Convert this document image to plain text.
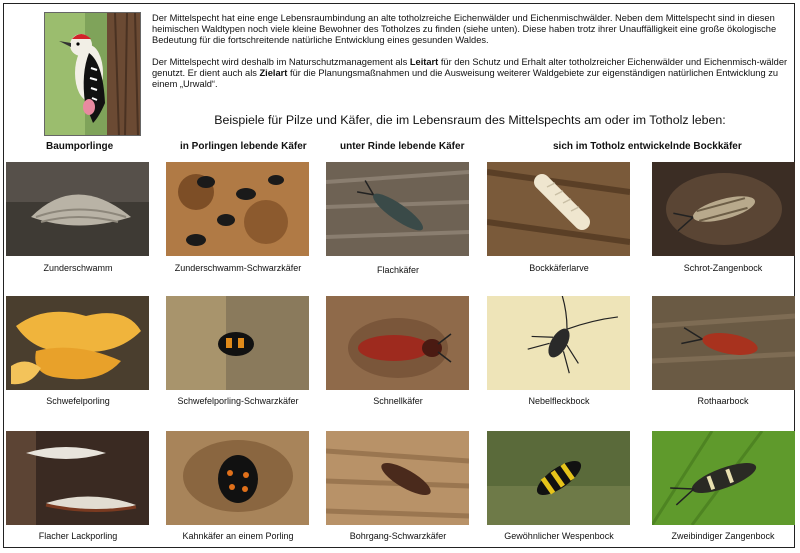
Der Mittelspecht hat eine enge Lebensraumbindung an alte totholzreiche Eichenwälder und Eichenmischwälder. Neben dem Mittelspecht sind in diesen heimischen Waldtypen noch viele kleine Bewohner des Totholzes zu finden (siehe unten). Diese haben trotz ihrer Unauffälligkeit eine große ökologische Bedeutung für die fortschreitende natürliche Entwicklung eines gesunden Waldes.

Der Mittelspecht wird deshalb im Naturschutzmanagement als Leitart für den Schutz und Erhalt alter totholzreicher Eichenwälder und Eichenmisch-wälder genutzt. Er dient auch als Zielart für die Planungsmaßnahmen und die Ausweisung weiterer Waldgebiete zur eigenständigen natürlichen Entwicklung zu einem „Urwald“.

Beispiele für Pilze und Käfer, die im Lebensraum des Mittelspechts am oder im Totholz leben:
Baumporlinge	in Porlingen lebende Käfer	unter Rinde lebende Käfer	sich im Totholz entwickelnde Bockkäfer
Zunderschwamm	Zunderschwamm-Schwarzkäfer	Flachkäfer	Bockkäferlarve	Schrot-Zangenbock
Schwefelporling	Schwefelporling-Schwarzkäfer	Schnellkäfer	Nebelfleckbock	Rothaarbock
Flacher Lackporling	Kahnkäfer an einem Porling	Bohrgang-Schwarzkäfer	Gewöhnlicher Wespenbock	Zweibindiger Zangenbock
